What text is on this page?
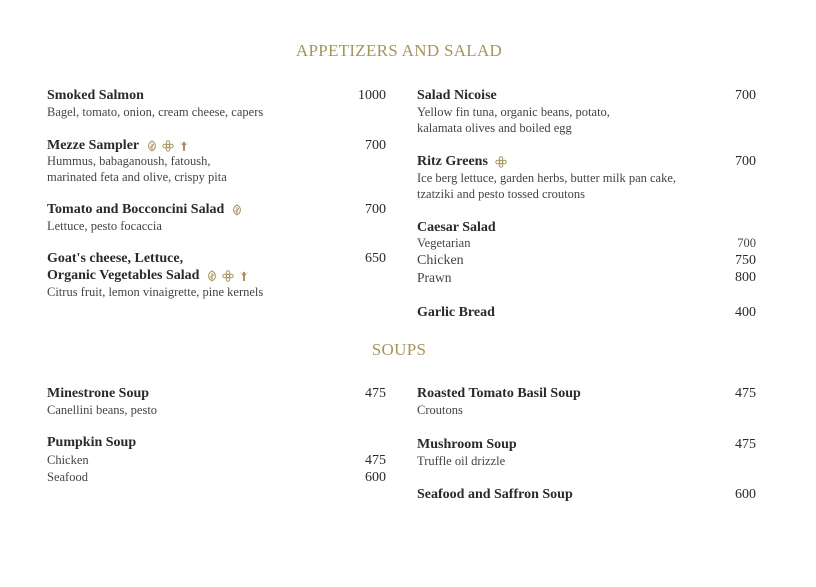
APPETIZERS AND SALAD
Smoked Salmon	1000
Bagel, tomato, onion, cream cheese, capers
Mezze Sampler	700
Hummus, babaganoush, fatoush,
marinated feta and olive, crispy pita
Tomato and Bocconcini Salad	700
Lettuce, pesto focaccia
Goat's cheese, Lettuce,	650
Organic Vegetables Salad
Citrus fruit, lemon vinaigrette, pine kernels
Salad Nicoise	700
Yellow fin tuna, organic beans, potato,
kalamata olives and boiled egg
Ritz Greens	700
Ice berg lettuce, garden herbs, butter milk pan cake,
tzatziki and pesto tossed croutons
Caesar Salad
Vegetarian	700
Chicken	750
Prawn	800
Garlic Bread	400
SOUPS
Minestrone Soup	475
Canellini beans, pesto
Pumpkin Soup
Chicken	475
Seafood	600
Roasted Tomato Basil Soup	475
Croutons
Mushroom Soup	475
Truffle oil drizzle
Seafood and Saffron Soup	600
